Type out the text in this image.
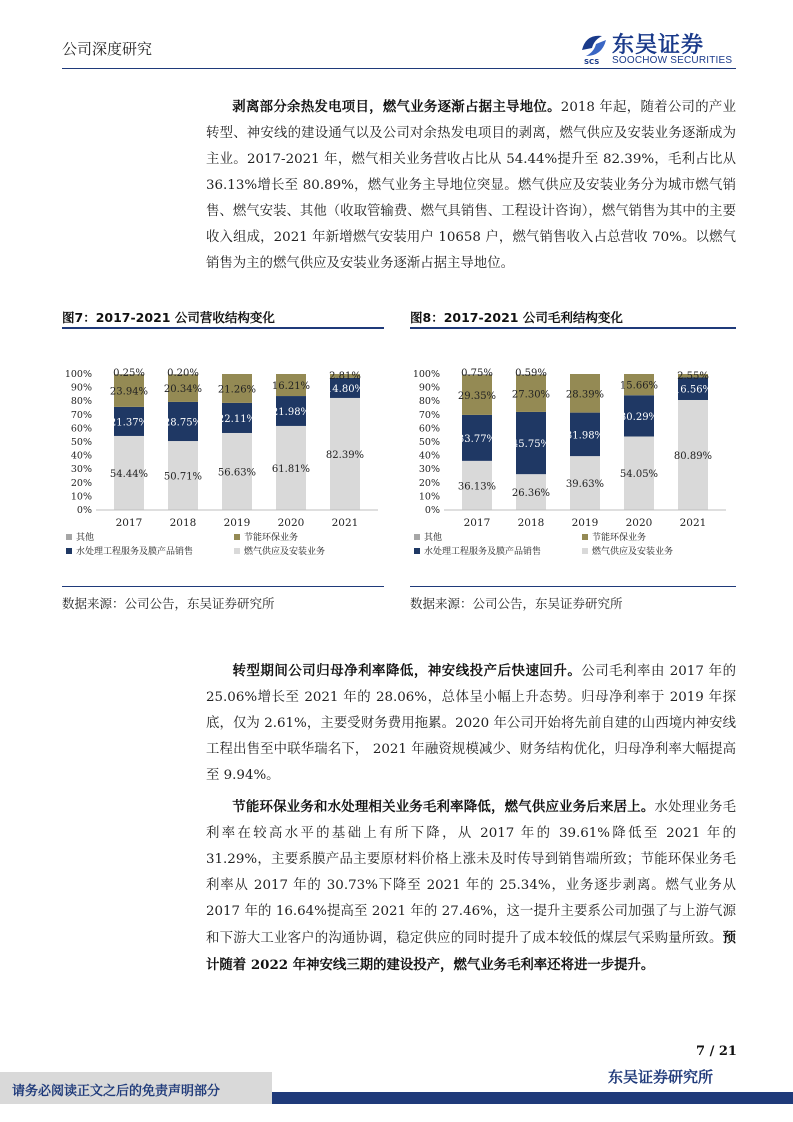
公司深度研究
SCS
东吴证券
SOOCHOW SECURITIES
剥离部分余热发电项目，燃气业务逐渐占据主导地位。2018 年起，随着公司的产业转型、神安线的建设通气以及公司对余热发电项目的剥离，燃气供应及安装业务逐渐成为主业。2017-2021 年，燃气相关业务营收占比从 54.44%提升至 82.39%，毛利占比从 36.13%增长至 80.89%，燃气业务主导地位突显。燃气供应及安装业务分为城市燃气销售、燃气安装、其他（收取管输费、燃气具销售、工程设计咨询），燃气销售为其中的主要收入组成，2021 年新增燃气安装用户 10658 户，燃气销售收入占总营收 70%。以燃气销售为主的燃气供应及安装业务逐渐占据主导地位。
图7：2017-2021 公司营收结构变化
0%
10%
20%
30%
40%
50%
60%
70%
80%
90%
100%
54.44%
21.37%
23.94%
0.25%
2017
50.71%
28.75%
20.34%
0.20%
2018
56.63%
22.11%
21.26%
2019
61.81%
21.98%
16.21%
2020
82.39%
14.80%
2.81%
2021
其他	节能环保业务
水处理工程服务及膜产品销售	燃气供应及安装业务
数据来源：公司公告，东吴证券研究所
图8：2017-2021 公司毛利结构变化
0%
10%
20%
30%
40%
50%
60%
70%
80%
90%
100%
36.13%
33.77%
29.35%
0.75%
2017
26.36%
45.75%
27.30%
0.59%
2018
39.63%
31.98%
28.39%
2019
54.05%
30.29%
15.66%
2020
80.89%
16.56%
2.55%
2021
其他	节能环保业务
水处理工程服务及膜产品销售	燃气供应及安装业务
数据来源：公司公告，东吴证券研究所
转型期间公司归母净利率降低，神安线投产后快速回升。公司毛利率由 2017 年的 25.06%增长至 2021 年的 28.06%，总体呈小幅上升态势。归母净利率于 2019 年探底，仅为 2.61%，主要受财务费用拖累。2020 年公司开始将先前自建的山西境内神安线工程出售至中联华瑞名下， 2021 年融资规模减少、财务结构优化，归母净利率大幅提高至 9.94%。
节能环保业务和水处理相关业务毛利率降低，燃气供应业务后来居上。水处理业务毛利率在较高水平的基础上有所下降，从 2017 年的 39.61%降低至 2021 年的 31.29%，主要系膜产品主要原材料价格上涨未及时传导到销售端所致；节能环保业务毛利率从 2017 年的 30.73%下降至 2021 年的 25.34%，业务逐步剥离。燃气业务从 2017 年的 16.64%提高至 2021 年的 27.46%，这一提升主要系公司加强了与上游气源和下游大工业客户的沟通协调，稳定供应的同时提升了成本较低的煤层气采购量所致。预计随着 2022 年神安线三期的建设投产，燃气业务毛利率还将进一步提升。
7 / 21
东吴证券研究所
请务必阅读正文之后的免责声明部分
